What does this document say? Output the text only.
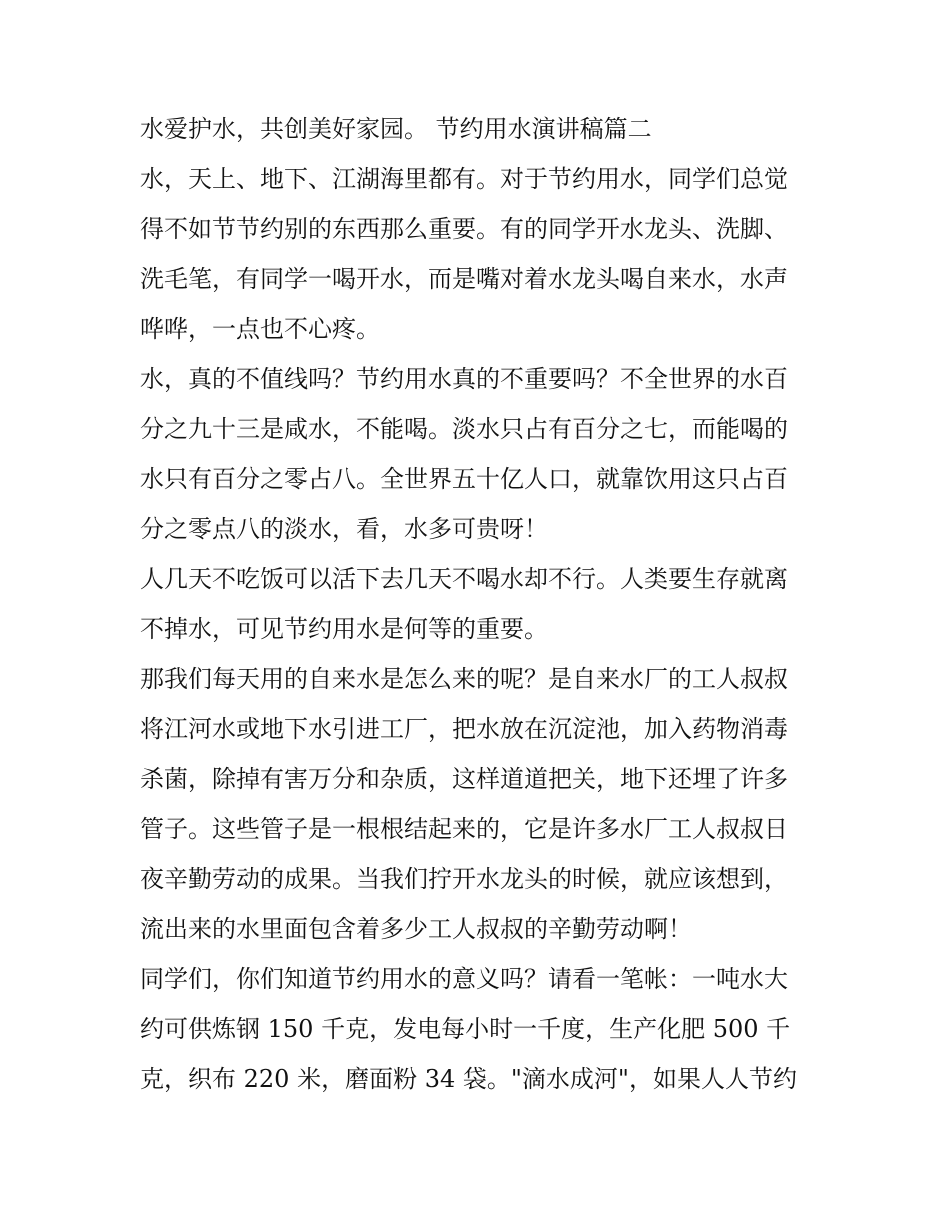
水爱护水，共创美好家园。 节约用水演讲稿篇二
水，天上、地下、江湖海里都有。对于节约用水，同学们总觉
得不如节节约别的东西那么重要。有的同学开水龙头、洗脚、
洗毛笔，有同学一喝开水，而是嘴对着水龙头喝自来水，水声
哗哗，一点也不心疼。
水，真的不值线吗？节约用水真的不重要吗？不全世界的水百
分之九十三是咸水，不能喝。淡水只占有百分之七，而能喝的
水只有百分之零占八。全世界五十亿人口，就靠饮用这只占百
分之零点八的淡水，看，水多可贵呀！
人几天不吃饭可以活下去几天不喝水却不行。人类要生存就离
不掉水，可见节约用水是何等的重要。
那我们每天用的自来水是怎么来的呢？是自来水厂的工人叔叔
将江河水或地下水引进工厂，把水放在沉淀池，加入药物消毒
杀菌，除掉有害万分和杂质，这样道道把关，地下还埋了许多
管子。这些管子是一根根结起来的，它是许多水厂工人叔叔日
夜辛勤劳动的成果。当我们拧开水龙头的时候，就应该想到，
流出来的水里面包含着多少工人叔叔的辛勤劳动啊！
同学们，你们知道节约用水的意义吗？请看一笔帐：一吨水大
约可供炼钢 150 千克，发电每小时一千度，生产化肥 500 千
克，织布 220 米，磨面粉 34 袋。"滴水成河"，如果人人节约
